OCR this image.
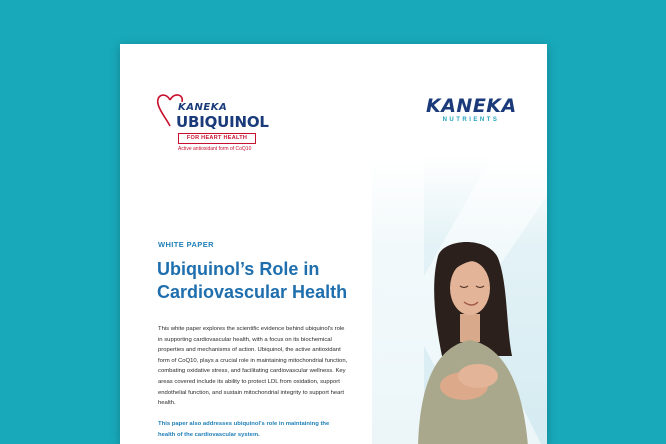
KANEKA
UBIQUINOL
FOR HEART HEALTH
Active antioxidant form of CoQ10
KANEKA
NUTRIENTS
WHITE PAPER
Ubiquinol’s Role in Cardiovascular Health
This white paper explores the scientific evidence behind ubiquinol's role in supporting cardiovascular health, with a focus on its biochemical properties and mechanisms of action. Ubiquinol, the active antioxidant form of CoQ10, plays a crucial role in maintaining mitochondrial function, combating oxidative stress, and facilitating cardiovascular wellness. Key areas covered include its ability to protect LDL from oxidation, support endothelial function, and sustain mitochondrial integrity to support heart health.
This paper also addresses ubiquinol's role in maintaining the health of the cardiovascular system.
